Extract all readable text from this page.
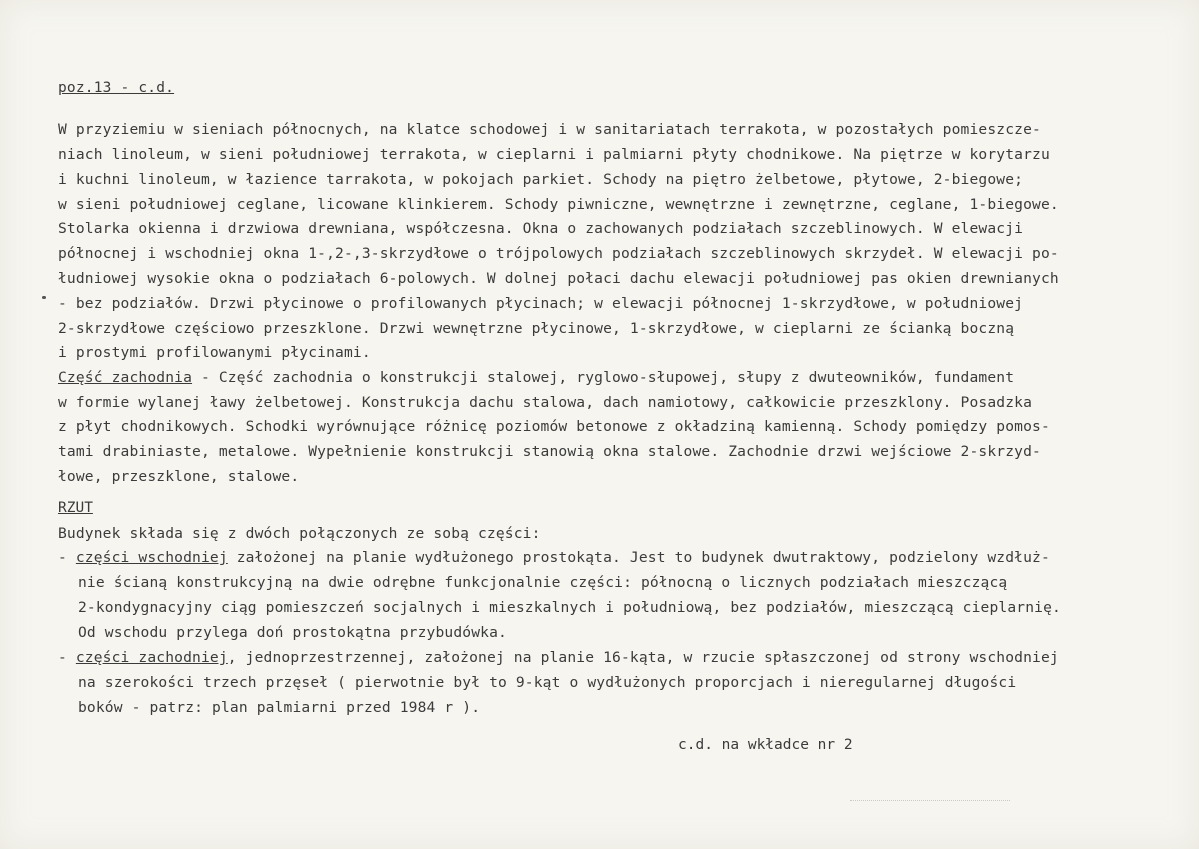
poz.13 - c.d.
W przyziemiu w sieniach północnych, na klatce schodowej i w sanitariatach terrakota, w pozostałych pomieszcze-
niach linoleum, w sieni południowej terrakota, w cieplarni i palmiarni płyty chodnikowe. Na piętrze w korytarzu
i kuchni linoleum, w łazience tarrakota, w pokojach parkiet. Schody na piętro żelbetowe, płytowe, 2-biegowe;
w sieni południowej ceglane, licowane klinkierem. Schody piwniczne, wewnętrzne i zewnętrzne, ceglane, 1-biegowe.
Stolarka okienna i drzwiowa drewniana, współczesna. Okna o zachowanych podziałach szczeblinowych. W elewacji
północnej i wschodniej okna 1-,2-,3-skrzydłowe o trójpolowych podziałach szczeblinowych skrzydeł. W elewacji po-
łudniowej wysokie okna o podziałach 6-polowych. W dolnej połaci dachu elewacji południowej pas okien drewnianych
- bez podziałów. Drzwi płycinowe o profilowanych płycinach; w elewacji północnej 1-skrzydłowe, w południowej
2-skrzydłowe częściowo przeszklone. Drzwi wewnętrzne płycinowe, 1-skrzydłowe, w cieplarni ze ścianką boczną
i prostymi profilowanymi płycinami.
Część zachodnia - Część zachodnia o konstrukcji stalowej, ryglowo-słupowej, słupy z dwuteowników, fundament
w formie wylanej ławy żelbetowej. Konstrukcja dachu stalowa, dach namiotowy, całkowicie przeszklony. Posadzka
z płyt chodnikowych. Schodki wyrównujące różnicę poziomów betonowe z okładziną kamienną. Schody pomiędzy pomos-
tami drabiniaste, metalowe. Wypełnienie konstrukcji stanowią okna stalowe. Zachodnie drzwi wejściowe 2-skrzyd-
łowe, przeszklone, stalowe.
RZUT
Budynek składa się z dwóch połączonych ze sobą części:
- części wschodniej założonej na planie wydłużonego prostokąta. Jest to budynek dwutraktowy, podzielony wzdłuż-
nie ścianą konstrukcyjną na dwie odrębne funkcjonalnie części: północną o licznych podziałach mieszczącą
2-kondygnacyjny ciąg pomieszczeń socjalnych i mieszkalnych i południową, bez podziałów, mieszczącą cieplarnię.
Od wschodu przylega doń prostokątna przybudówka.
- części zachodniej, jednoprzestrzennej, założonej na planie 16-kąta, w rzucie spłaszczonej od strony wschodniej
na szerokości trzech przęseł ( pierwotnie był to 9-kąt o wydłużonych proporcjach i nieregularnej długości
boków - patrz: plan palmiarni przed 1984 r ).
c.d. na wkładce nr 2
